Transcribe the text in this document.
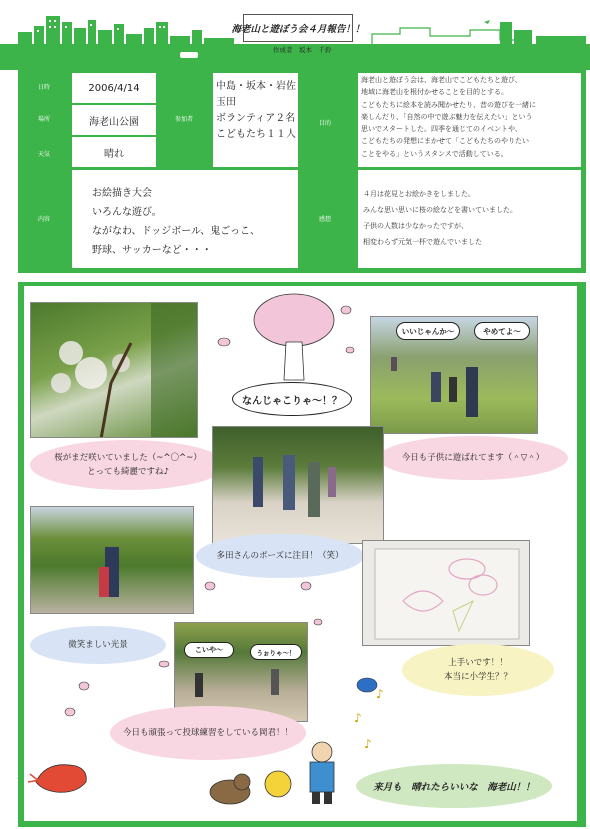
海老山と遊ぼう会４月報告！！
作成者　坂本　千鈴
日時
場所
天気
内容
参加者
目的
感想
2006/4/14
海老山公園
晴れ
中島・坂本・岩佐
玉田
ボランティア２名
こどもたち１１人
海老山と遊ぼう会は、海老山でこどもたちと遊び、
地域に海老山を根付かせることを目的とする。
こどもたちに絵本を読み聞かせたり、昔の遊びを一緒に
楽しんだり、「自然の中で遊ぶ魅力を伝えたい」という
思いでスタートした。四季を通じてのイベントや、
こどもたちの発想にまかせて「こどもたちのやりたい
ことをやる」というスタンスで活動している。
お絵描き大会
いろんな遊び。
ながなわ、ドッジボール、鬼ごっこ、
野球、サッカーなど・・・
４月は花見とお絵かきをしました。
みんな思い思いに桜の絵などを書いていました。
子供の人数は少なかったですが、
相変わらず元気一杯で遊んでいました
なんじゃこりゃ～！？
いいじゃんか～	やめてよ～
桜がまだ咲いていました（~^〇^~）
とっても綺麗ですね♪
今日も子供に遊ばれてます（＾▽＾）
多田さんのポーズに注目！（笑）
微笑ましい光景
上手いです！！
本当に小学生？？
こいや～	うぉりゃ～！
今日も頑張って投球練習をしている岡君！！
来月も　晴れたらいいな　海老山！！
♪
♪
♪
